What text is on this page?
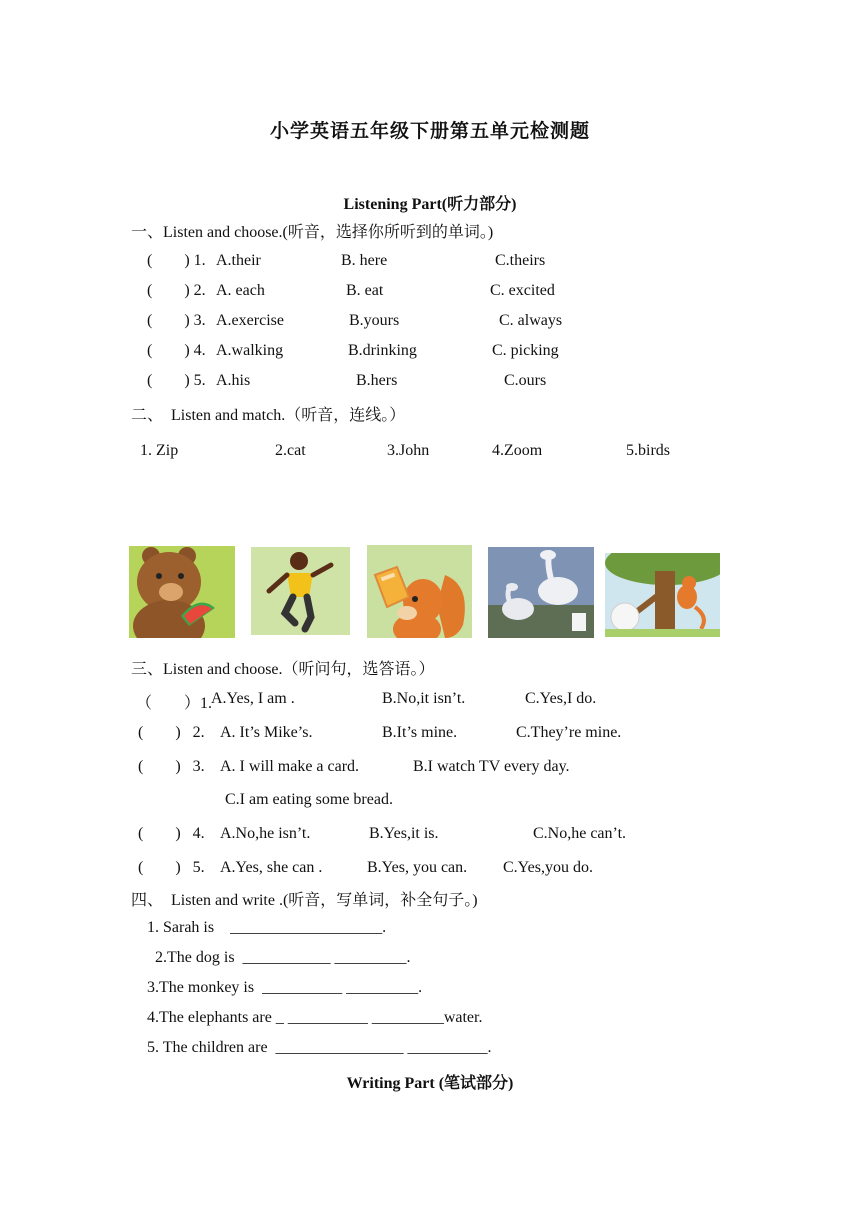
小学英语五年级下册第五单元检测题
Listening Part(听力部分)
一、Listen and choose.(听音，选择你所听到的单词。)
(        ) 1. A.their	B. here	C.theirs
(        ) 2. A. each	B. eat	C. excited
(        ) 3. A.exercise	B.yours	C. always
(        ) 4. A.walking	B.drinking	C. picking
(        ) 5. A.his	B.hers	C.ours
二、  Listen and match.（听音，连线。）
1. Zip	2.cat	3.John	4.Zoom	5.birds
三、Listen and choose.（听问句，选答语。）
（        ）1.
A.Yes, I am .	B.No,it isn’t.	C.Yes,I do.
(        )   2. A. It’s Mike’s.	B.It’s mine.	C.They’re mine.
(        )   3. A. I will make a card.	B.I watch TV every day.
C.I am eating some bread.
(        )   4. A.No,he isn’t.	B.Yes,it is.	C.No,he can’t.
(        )   5. A.Yes, she can .	B.Yes, you can. C.Yes,you do.
四、  Listen and write .(听音，写单词，补全句子。)
1. Sarah is    ___________________.
2.The dog is  ___________ _________.
3.The monkey is  __________ _________.
4.The elephants are _ __________ _________water.
5. The children are  ________________ __________.
Writing Part (笔试部分)
